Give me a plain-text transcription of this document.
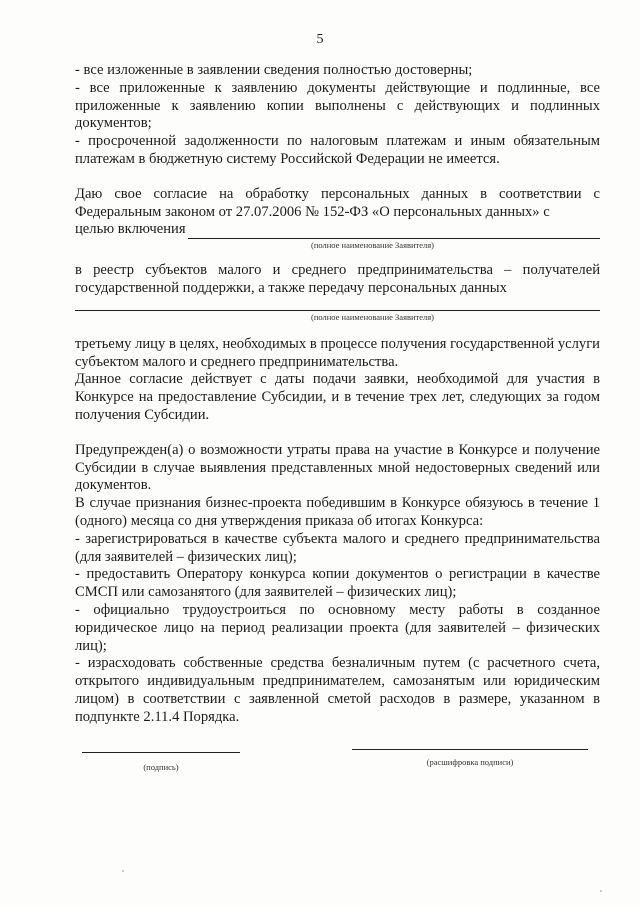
5

- все изложенные в заявлении сведения полностью достоверны;

- все приложенные к заявлению документы действующие и подлинные, все приложенные к заявлению копии выполнены с действующих и подлинных документов;

- просроченной задолженности по налоговым платежам и иным обязательным платежам в бюджетную систему Российской Федерации не имеется.

Даю свое согласие на обработку персональных данных в соответствии с Федеральным законом от 27.07.2006 № 152-ФЗ «О персональных данных» с

целью включения
(полное наименование Заявителя)

в реестр субъектов малого и среднего предпринимательства – получателей государственной поддержки, а также передачу персональных данных

(полное наименование Заявителя)

третьему лицу в целях, необходимых в процессе получения государственной услуги субъектом малого и среднего предпринимательства.

Данное согласие действует с даты подачи заявки, необходимой для участия в Конкурсе на предоставление Субсидии, и в течение трех лет, следующих за годом получения Субсидии.

Предупрежден(а) о возможности утраты права на участие в Конкурсе и получение Субсидии в случае выявления представленных мной недостоверных сведений или документов.

В случае признания бизнес-проекта победившим в Конкурсе обязуюсь в течение 1 (одного) месяца со дня утверждения приказа об итогах Конкурса:

- зарегистрироваться в качестве субъекта малого и среднего предпринимательства (для заявителей – физических лиц);

- предоставить Оператору конкурса копии документов о регистрации в качестве СМСП или самозанятого (для заявителей – физических лиц);

- официально трудоустроиться по основному месту работы в созданное юридическое лицо на период реализации проекта (для заявителей – физических лиц);

- израсходовать собственные средства безналичным путем (с расчетного счета, открытого индивидуальным предпринимателем, самозанятым или юридическим лицом) в соответствии с заявленной сметой расходов в размере, указанном в подпункте 2.11.4 Порядка.

(подпись)	(расшифровка подписи)
